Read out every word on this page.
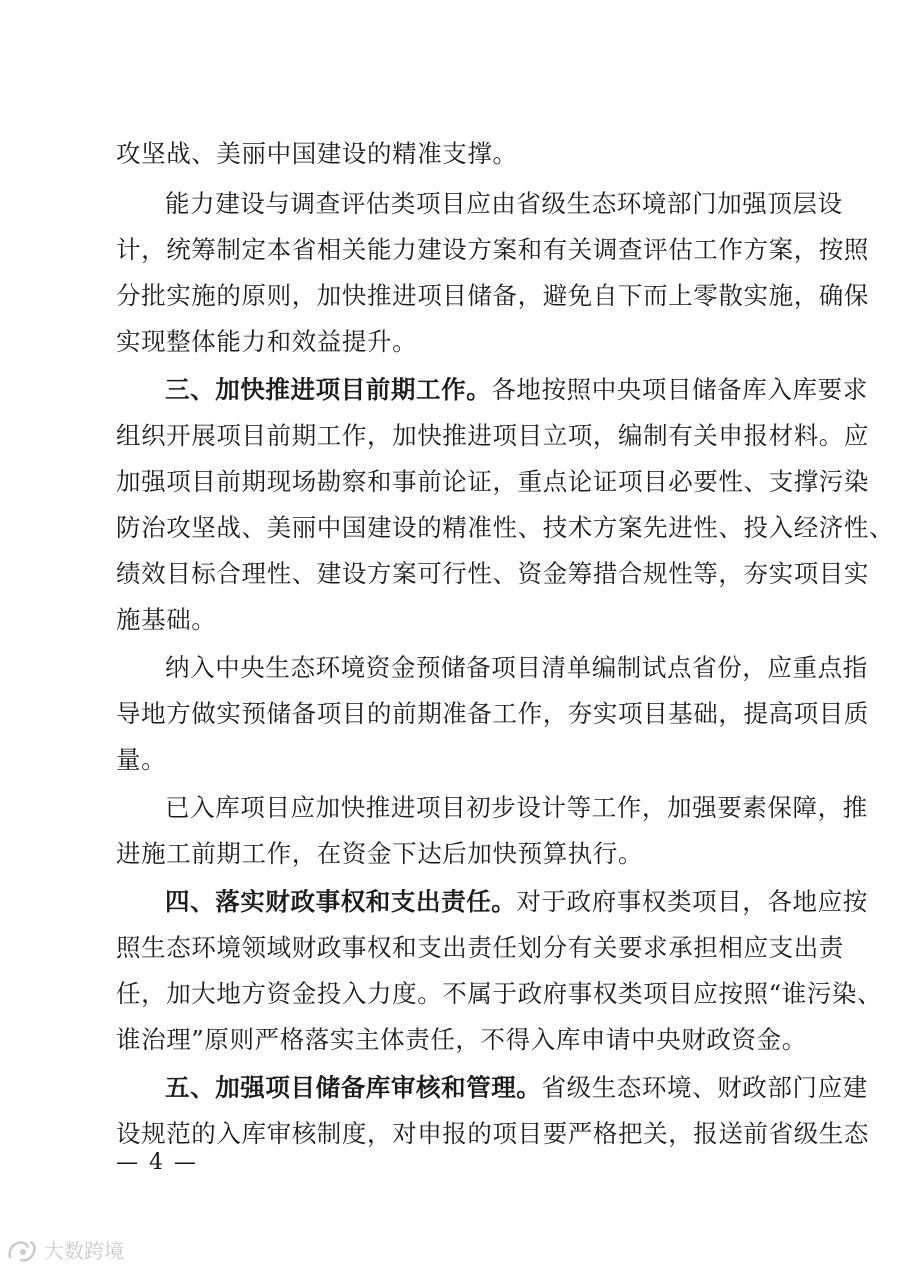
攻坚战、美丽中国建设的精准支撑。
能力建设与调查评估类项目应由省级生态环境部门加强顶层设
计，统筹制定本省相关能力建设方案和有关调查评估工作方案，按照
分批实施的原则，加快推进项目储备，避免自下而上零散实施，确保
实现整体能力和效益提升。
三、加快推进项目前期工作。各地按照中央项目储备库入库要求
组织开展项目前期工作，加快推进项目立项，编制有关申报材料。应
加强项目前期现场勘察和事前论证，重点论证项目必要性、支撑污染
防治攻坚战、美丽中国建设的精准性、技术方案先进性、投入经济性、
绩效目标合理性、建设方案可行性、资金筹措合规性等，夯实项目实
施基础。
纳入中央生态环境资金预储备项目清单编制试点省份，应重点指
导地方做实预储备项目的前期准备工作，夯实项目基础，提高项目质
量。
已入库项目应加快推进项目初步设计等工作，加强要素保障，推
进施工前期工作，在资金下达后加快预算执行。
四、落实财政事权和支出责任。对于政府事权类项目，各地应按
照生态环境领域财政事权和支出责任划分有关要求承担相应支出责
任，加大地方资金投入力度。不属于政府事权类项目应按照“谁污染、
谁治理”原则严格落实主体责任，不得入库申请中央财政资金。
五、加强项目储备库审核和管理。省级生态环境、财政部门应建
设规范的入库审核制度，对申报的项目要严格把关，报送前省级生态
— 4 —
大数跨境
